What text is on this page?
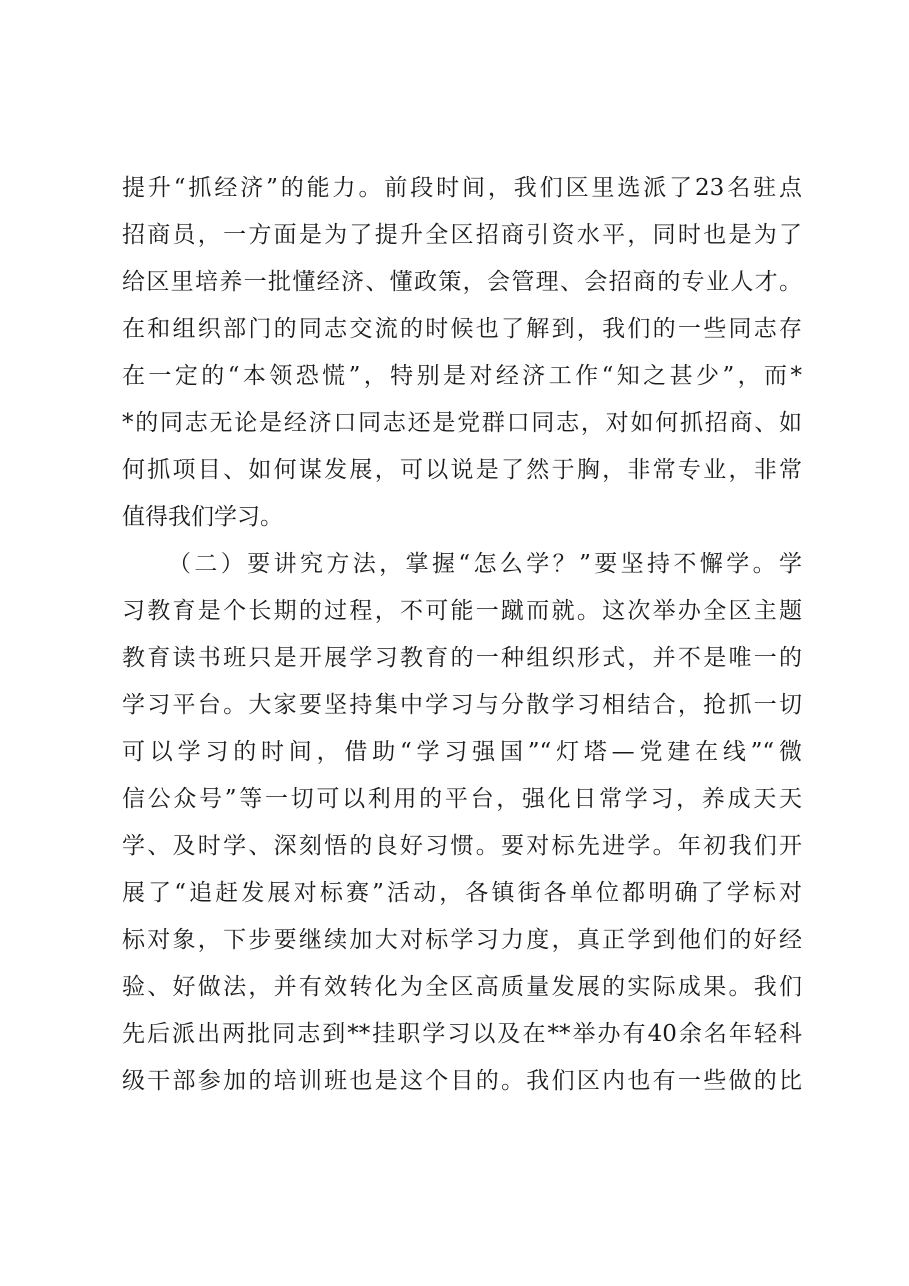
提升“抓经济”的能力。前段时间，我们区里选派了23名驻点
招商员，一方面是为了提升全区招商引资水平，同时也是为了
给区里培养一批懂经济、懂政策，会管理、会招商的专业人才。
在和组织部门的同志交流的时候也了解到，我们的一些同志存
在一定的“本领恐慌”，特别是对经济工作“知之甚少”，而*
*的同志无论是经济口同志还是党群口同志，对如何抓招商、如
何抓项目、如何谋发展，可以说是了然于胸，非常专业，非常
值得我们学习。
（二）要讲究方法，掌握“怎么学？”要坚持不懈学。学
习教育是个长期的过程，不可能一蹴而就。这次举办全区主题
教育读书班只是开展学习教育的一种组织形式，并不是唯一的
学习平台。大家要坚持集中学习与分散学习相结合，抢抓一切
可以学习的时间，借助“学习强国”“灯塔—党建在线”“微
信公众号”等一切可以利用的平台，强化日常学习，养成天天
学、及时学、深刻悟的良好习惯。要对标先进学。年初我们开
展了“追赶发展对标赛”活动，各镇街各单位都明确了学标对
标对象，下步要继续加大对标学习力度，真正学到他们的好经
验、好做法，并有效转化为全区高质量发展的实际成果。我们
先后派出两批同志到**挂职学习以及在**举办有40余名年轻科
级干部参加的培训班也是这个目的。我们区内也有一些做的比
